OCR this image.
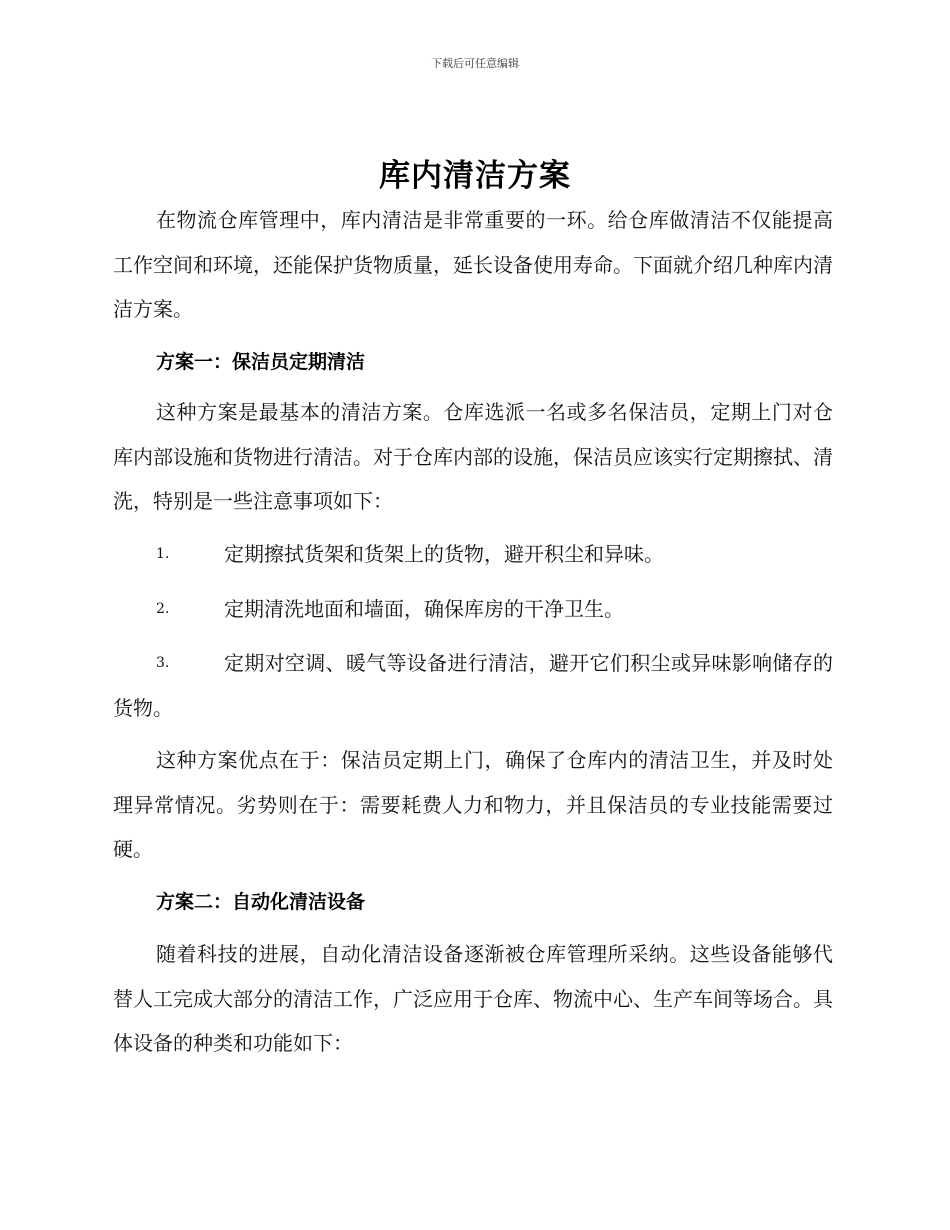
下载后可任意编辑
库内清洁方案

在物流仓库管理中，库内清洁是非常重要的一环。给仓库做清洁不仅能提高工作空间和环境，还能保护货物质量，延长设备使用寿命。下面就介绍几种库内清洁方案。

方案一：保洁员定期清洁

这种方案是最基本的清洁方案。仓库选派一名或多名保洁员，定期上门对仓库内部设施和货物进行清洁。对于仓库内部的设施，保洁员应该实行定期擦拭、清洗，特别是一些注意事项如下：

1.	定期擦拭货架和货架上的货物，避开积尘和异味。

2.	定期清洗地面和墙面，确保库房的干净卫生。

3.	定期对空调、暖气等设备进行清洁，避开它们积尘或异味影响储存的货物。

这种方案优点在于：保洁员定期上门，确保了仓库内的清洁卫生，并及时处理异常情况。劣势则在于：需要耗费人力和物力，并且保洁员的专业技能需要过硬。

方案二：自动化清洁设备

随着科技的进展，自动化清洁设备逐渐被仓库管理所采纳。这些设备能够代替人工完成大部分的清洁工作，广泛应用于仓库、物流中心、生产车间等场合。具体设备的种类和功能如下：
